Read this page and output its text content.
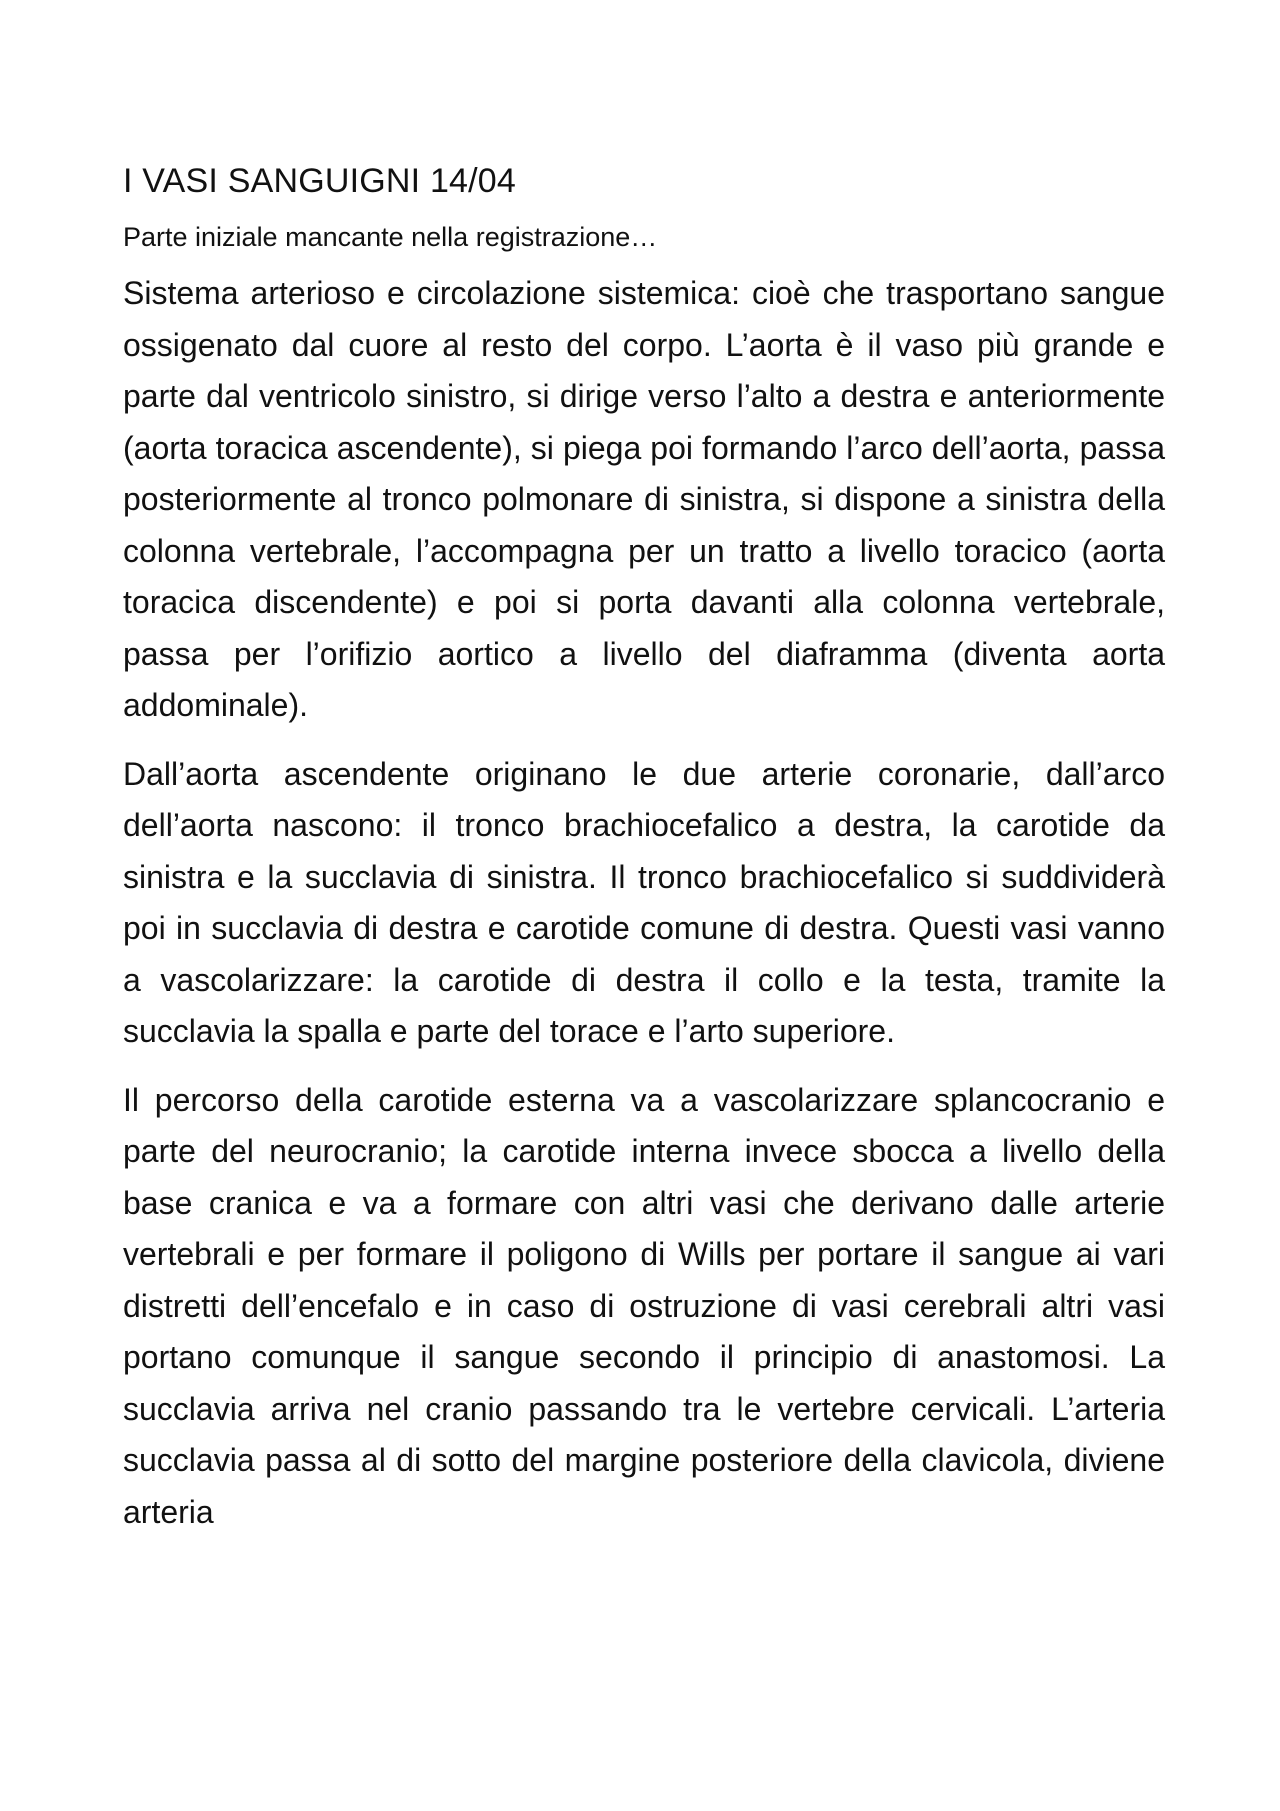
I VASI SANGUIGNI 14/04

Parte iniziale mancante nella registrazione…

Sistema arterioso e circolazione sistemica: cioè che trasportano sangue ossigenato dal cuore al resto del corpo. L’aorta è il vaso più grande e parte dal ventricolo sinistro, si dirige verso l’alto a destra e anteriormente (aorta toracica ascendente), si piega poi formando l’arco dell’aorta, passa posteriormente al tronco polmonare di sinistra, si dispone a sinistra della colonna vertebrale, l’accompagna per un tratto a livello toracico (aorta toracica discendente) e poi si porta davanti alla colonna vertebrale, passa per l’orifizio aortico a livello del diaframma (diventa aorta addominale).

Dall’aorta ascendente originano le due arterie coronarie, dall’arco dell’aorta nascono: il tronco brachiocefalico a destra, la carotide da sinistra e la succlavia di sinistra. Il tronco brachiocefalico si suddividerà poi in succlavia di destra e carotide comune di destra. Questi vasi vanno a vascolarizzare: la carotide di destra il collo e la testa, tramite la succlavia la spalla e parte del torace e l’arto superiore.

Il percorso della carotide esterna va a vascolarizzare splancocranio e parte del neurocranio; la carotide interna invece sbocca a livello della base cranica e va a formare con altri vasi che derivano dalle arterie vertebrali e per formare il poligono di Wills per portare il sangue ai vari distretti dell’encefalo e in caso di ostruzione di vasi cerebrali altri vasi portano comunque il sangue secondo il principio di anastomosi. La succlavia arriva nel cranio passando tra le vertebre cervicali. L’arteria succlavia passa al di sotto del margine posteriore della clavicola, diviene arteria
